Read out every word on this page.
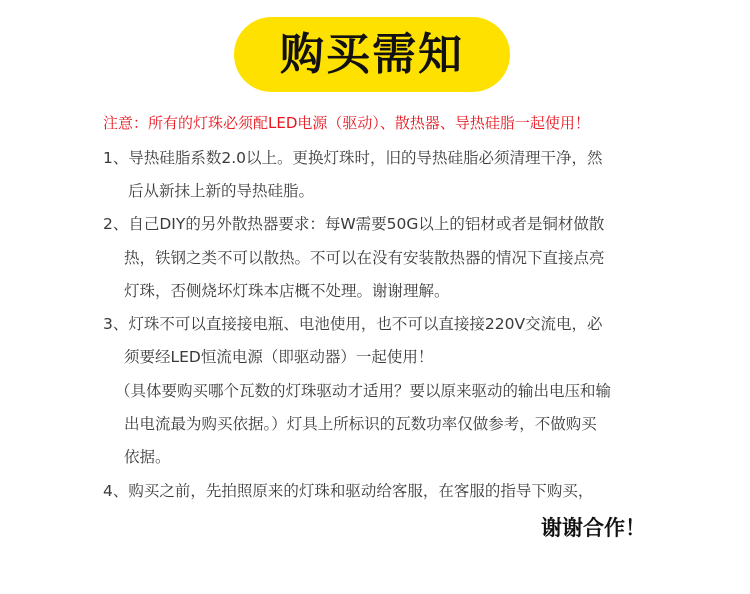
购买需知
注意：所有的灯珠必须配LED电源（驱动）、散热器、导热硅脂一起使用！
1、导热硅脂系数2.0以上。更换灯珠时，旧的导热硅脂必须清理干净，然
后从新抹上新的导热硅脂。
2、自己DIY的另外散热器要求：每W需要50G以上的铝材或者是铜材做散
热，铁钢之类不可以散热。不可以在没有安装散热器的情况下直接点亮
灯珠，否侧烧坏灯珠本店概不处理。谢谢理解。
3、灯珠不可以直接接电瓶、电池使用，也不可以直接接220V交流电，必
须要经LED恒流电源（即驱动器）一起使用！
（具体要购买哪个瓦数的灯珠驱动才适用？要以原来驱动的输出电压和输
出电流最为购买依据。）灯具上所标识的瓦数功率仅做参考，不做购买
依据。
4、购买之前，先拍照原来的灯珠和驱动给客服，在客服的指导下购买，
谢谢合作！
